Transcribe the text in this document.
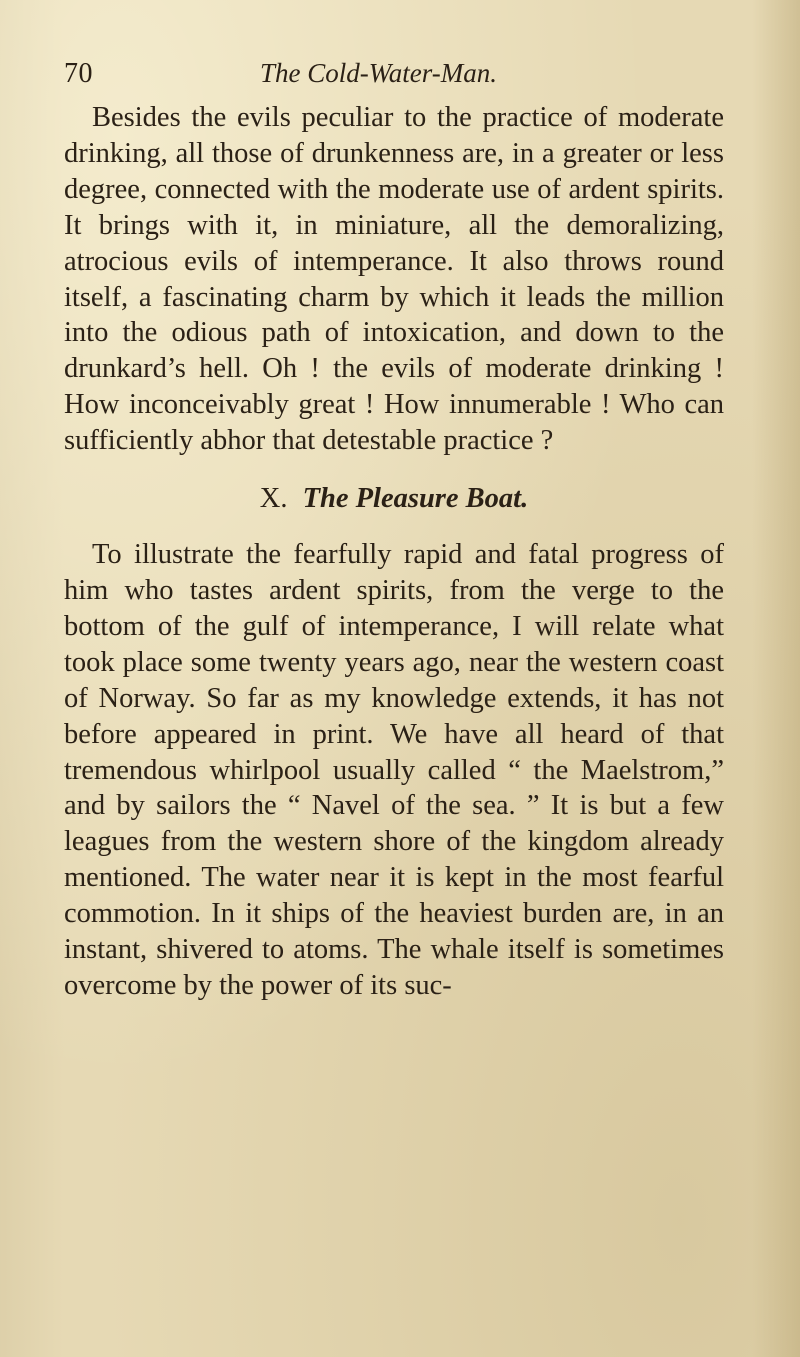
70	The Cold-Water-Man.

Besides the evils peculiar to the practice of moderate drinking, all those of drunkenness are, in a greater or less degree, connected with the moderate use of ardent spirits. It brings with it, in miniature, all the demoralizing, atrocious evils of intemperance. It also throws round itself, a fascinating charm by which it leads the million into the odious path of intoxication, and down to the drunkard’s hell. Oh ! the evils of moderate drinking ! How inconceivably great ! How innumerable ! Who can sufficiently abhor that detestable practice ?

X. The Pleasure Boat.

To illustrate the fearfully rapid and fatal progress of him who tastes ardent spirits, from the verge to the bottom of the gulf of intemperance, I will relate what took place some twenty years ago, near the western coast of Norway. So far as my knowledge extends, it has not before appeared in print. We have all heard of that tremendous whirlpool usually called “ the Maelstrom,” and by sailors the “ Navel of the sea. ” It is but a few leagues from the western shore of the kingdom already mentioned. The water near it is kept in the most fearful commotion. In it ships of the heaviest burden are, in an instant, shivered to atoms. The whale itself is sometimes overcome by the power of its suc-
